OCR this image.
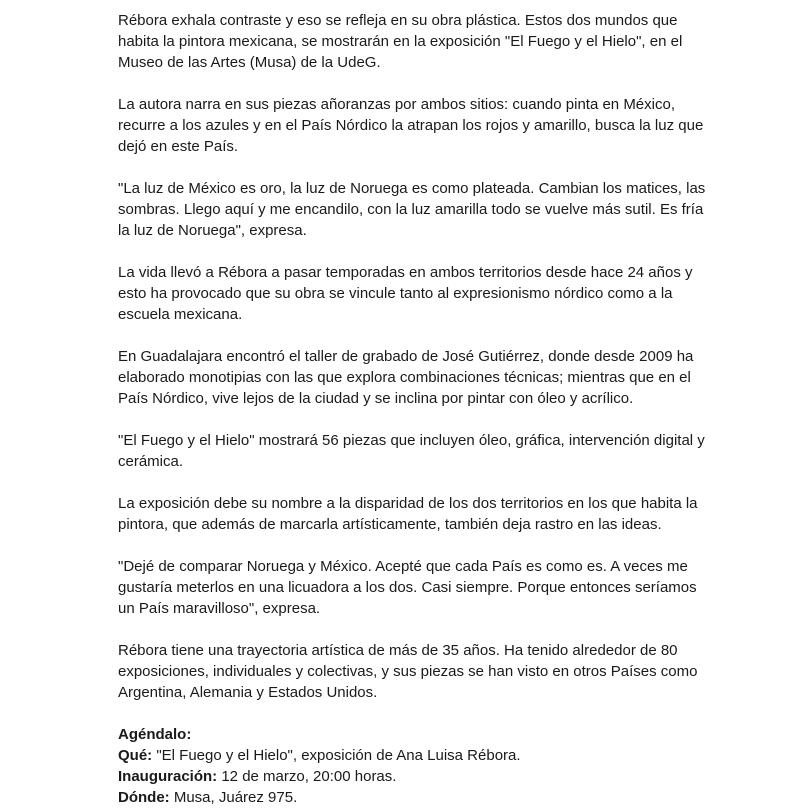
Rébora exhala contraste y eso se refleja en su obra plástica. Estos dos mundos que habita la pintora mexicana, se mostrarán en la exposición "El Fuego y el Hielo", en el Museo de las Artes (Musa) de la UdeG.

La autora narra en sus piezas añoranzas por ambos sitios: cuando pinta en México, recurre a los azules y en el País Nórdico la atrapan los rojos y amarillo, busca la luz que dejó en este País.

"La luz de México es oro, la luz de Noruega es como plateada. Cambian los matices, las sombras. Llego aquí y me encandilo, con la luz amarilla todo se vuelve más sutil. Es fría la luz de Noruega", expresa.

La vida llevó a Rébora a pasar temporadas en ambos territorios desde hace 24 años y esto ha provocado que su obra se vincule tanto al expresionismo nórdico como a la escuela mexicana.

En Guadalajara encontró el taller de grabado de José Gutiérrez, donde desde 2009 ha elaborado monotipias con las que explora combinaciones técnicas; mientras que en el País Nórdico, vive lejos de la ciudad y se inclina por pintar con óleo y acrílico.

"El Fuego y el Hielo" mostrará 56 piezas que incluyen óleo, gráfica, intervención digital y cerámica.

La exposición debe su nombre a la disparidad de los dos territorios en los que habita la pintora, que además de marcarla artísticamente, también deja rastro en las ideas.

"Dejé de comparar Noruega y México. Acepté que cada País es como es. A veces me gustaría meterlos en una licuadora a los dos. Casi siempre. Porque entonces seríamos un País maravilloso", expresa.

Rébora tiene una trayectoria artística de más de 35 años. Ha tenido alrededor de 80 exposiciones, individuales y colectivas, y sus piezas se han visto en otros Países como Argentina, Alemania y Estados Unidos.

Agéndalo:
Qué: "El Fuego y el Hielo", exposición de Ana Luisa Rébora.
Inauguración: 12 de marzo, 20:00 horas.
Dónde: Musa, Juárez 975.
